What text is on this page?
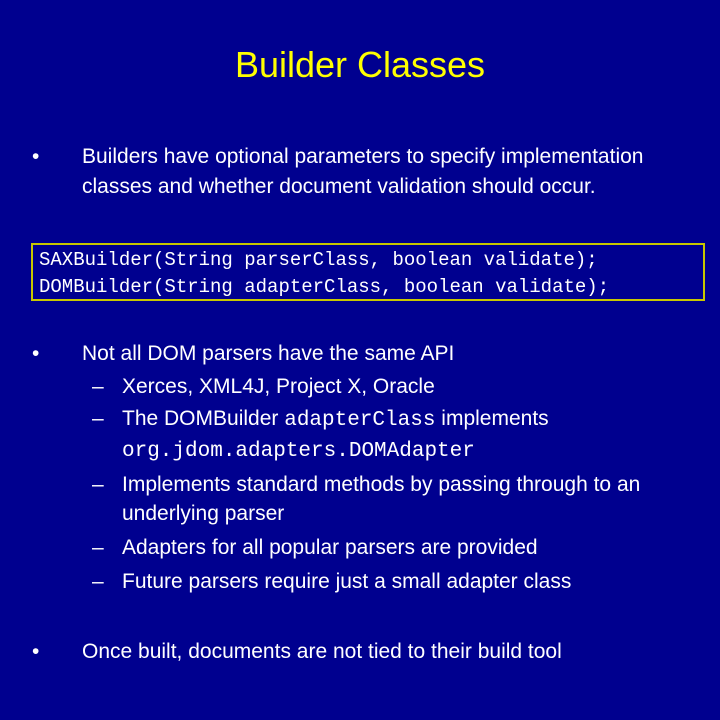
Builder Classes
•	Builders have optional parameters to specify implementation classes and whether document validation should occur.
SAXBuilder(String parserClass, boolean validate);
DOMBuilder(String adapterClass, boolean validate);
•	Not all DOM parsers have the same API
– Xerces, XML4J, Project X, Oracle
– The DOMBuilder adapterClass implements
org.jdom.adapters.DOMAdapter
– Implements standard methods by passing through to an underlying parser
– Adapters for all popular parsers are provided
– Future parsers require just a small adapter class
•	Once built, documents are not tied to their build tool
